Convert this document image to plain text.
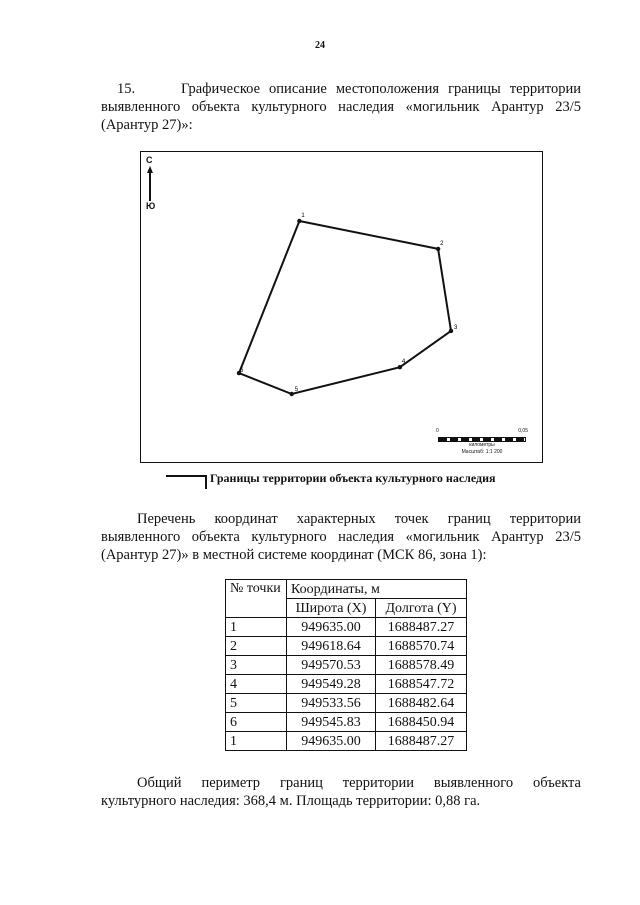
24
15.	Графическое описание местоположения границы территории
выявленного объекта культурного наследия «могильник Арантур 23/5
(Арантур 27)»:
1
2
3
4
5
6
0	0,05
километры
Масштаб: 1:1 200
С
Ю
Границы территории объекта культурного наследия
Перечень координат характерных точек границ территории
выявленного объекта культурного наследия «могильник Арантур 23/5
(Арантур 27)» в местной системе координат (МСК 86, зона 1):
№ точки	Координаты, м	
	Широта (X)	Долгота (Y)
1	949635.00	1688487.27
2	949618.64	1688570.74
3	949570.53	1688578.49
4	949549.28	1688547.72
5	949533.56	1688482.64
6	949545.83	1688450.94
1	949635.00	1688487.27
Общий периметр границ территории выявленного объекта
культурного наследия: 368,4 м. Площадь территории: 0,88 га.
